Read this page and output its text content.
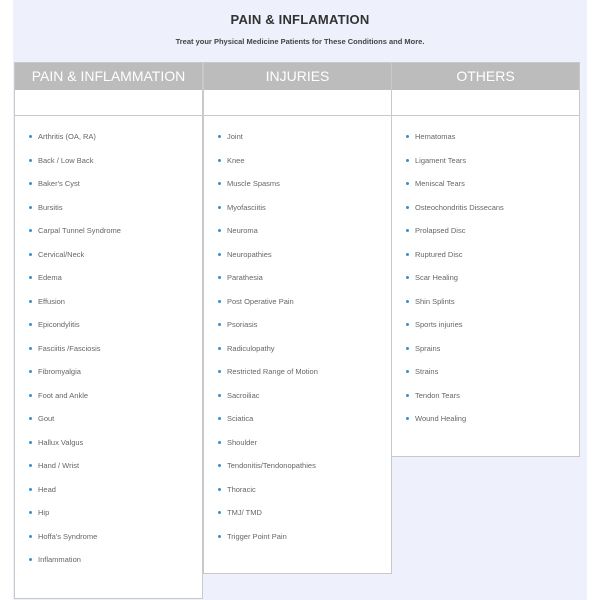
PAIN & INFLAMATION
Treat your Physical Medicine Patients for These Conditions and More.
PAIN & INFLAMMATION
Arthritis (OA, RA)
Back / Low Back
Baker's Cyst
Bursitis
Carpal Tunnel Syndrome
Cervical/Neck
Edema
Effusion
Epicondylitis
Fasciitis /Fasciosis
Fibromyalgia
Foot and Ankle
Gout
Hallux Valgus
Hand / Wrist
Head
Hip
Hoffa's Syndrome
Inflammation
INJURIES
Joint
Knee
Muscle Spasms
Myofasciitis
Neuroma
Neuropathies
Parathesia
Post Operative Pain
Psoriasis
Radiculopathy
Restricted Range of Motion
Sacroiliac
Sciatica
Shoulder
Tendonitis/Tendonopathies
Thoracic
TMJ/ TMD
Trigger Point Pain
OTHERS
Hematomas
Ligament Tears
Meniscal Tears
Osteochondritis Dissecans
Prolapsed Disc
Ruptured Disc
Scar Healing
Shin Splints
Sports injuries
Sprains
Strains
Tendon Tears
Wound Healing
